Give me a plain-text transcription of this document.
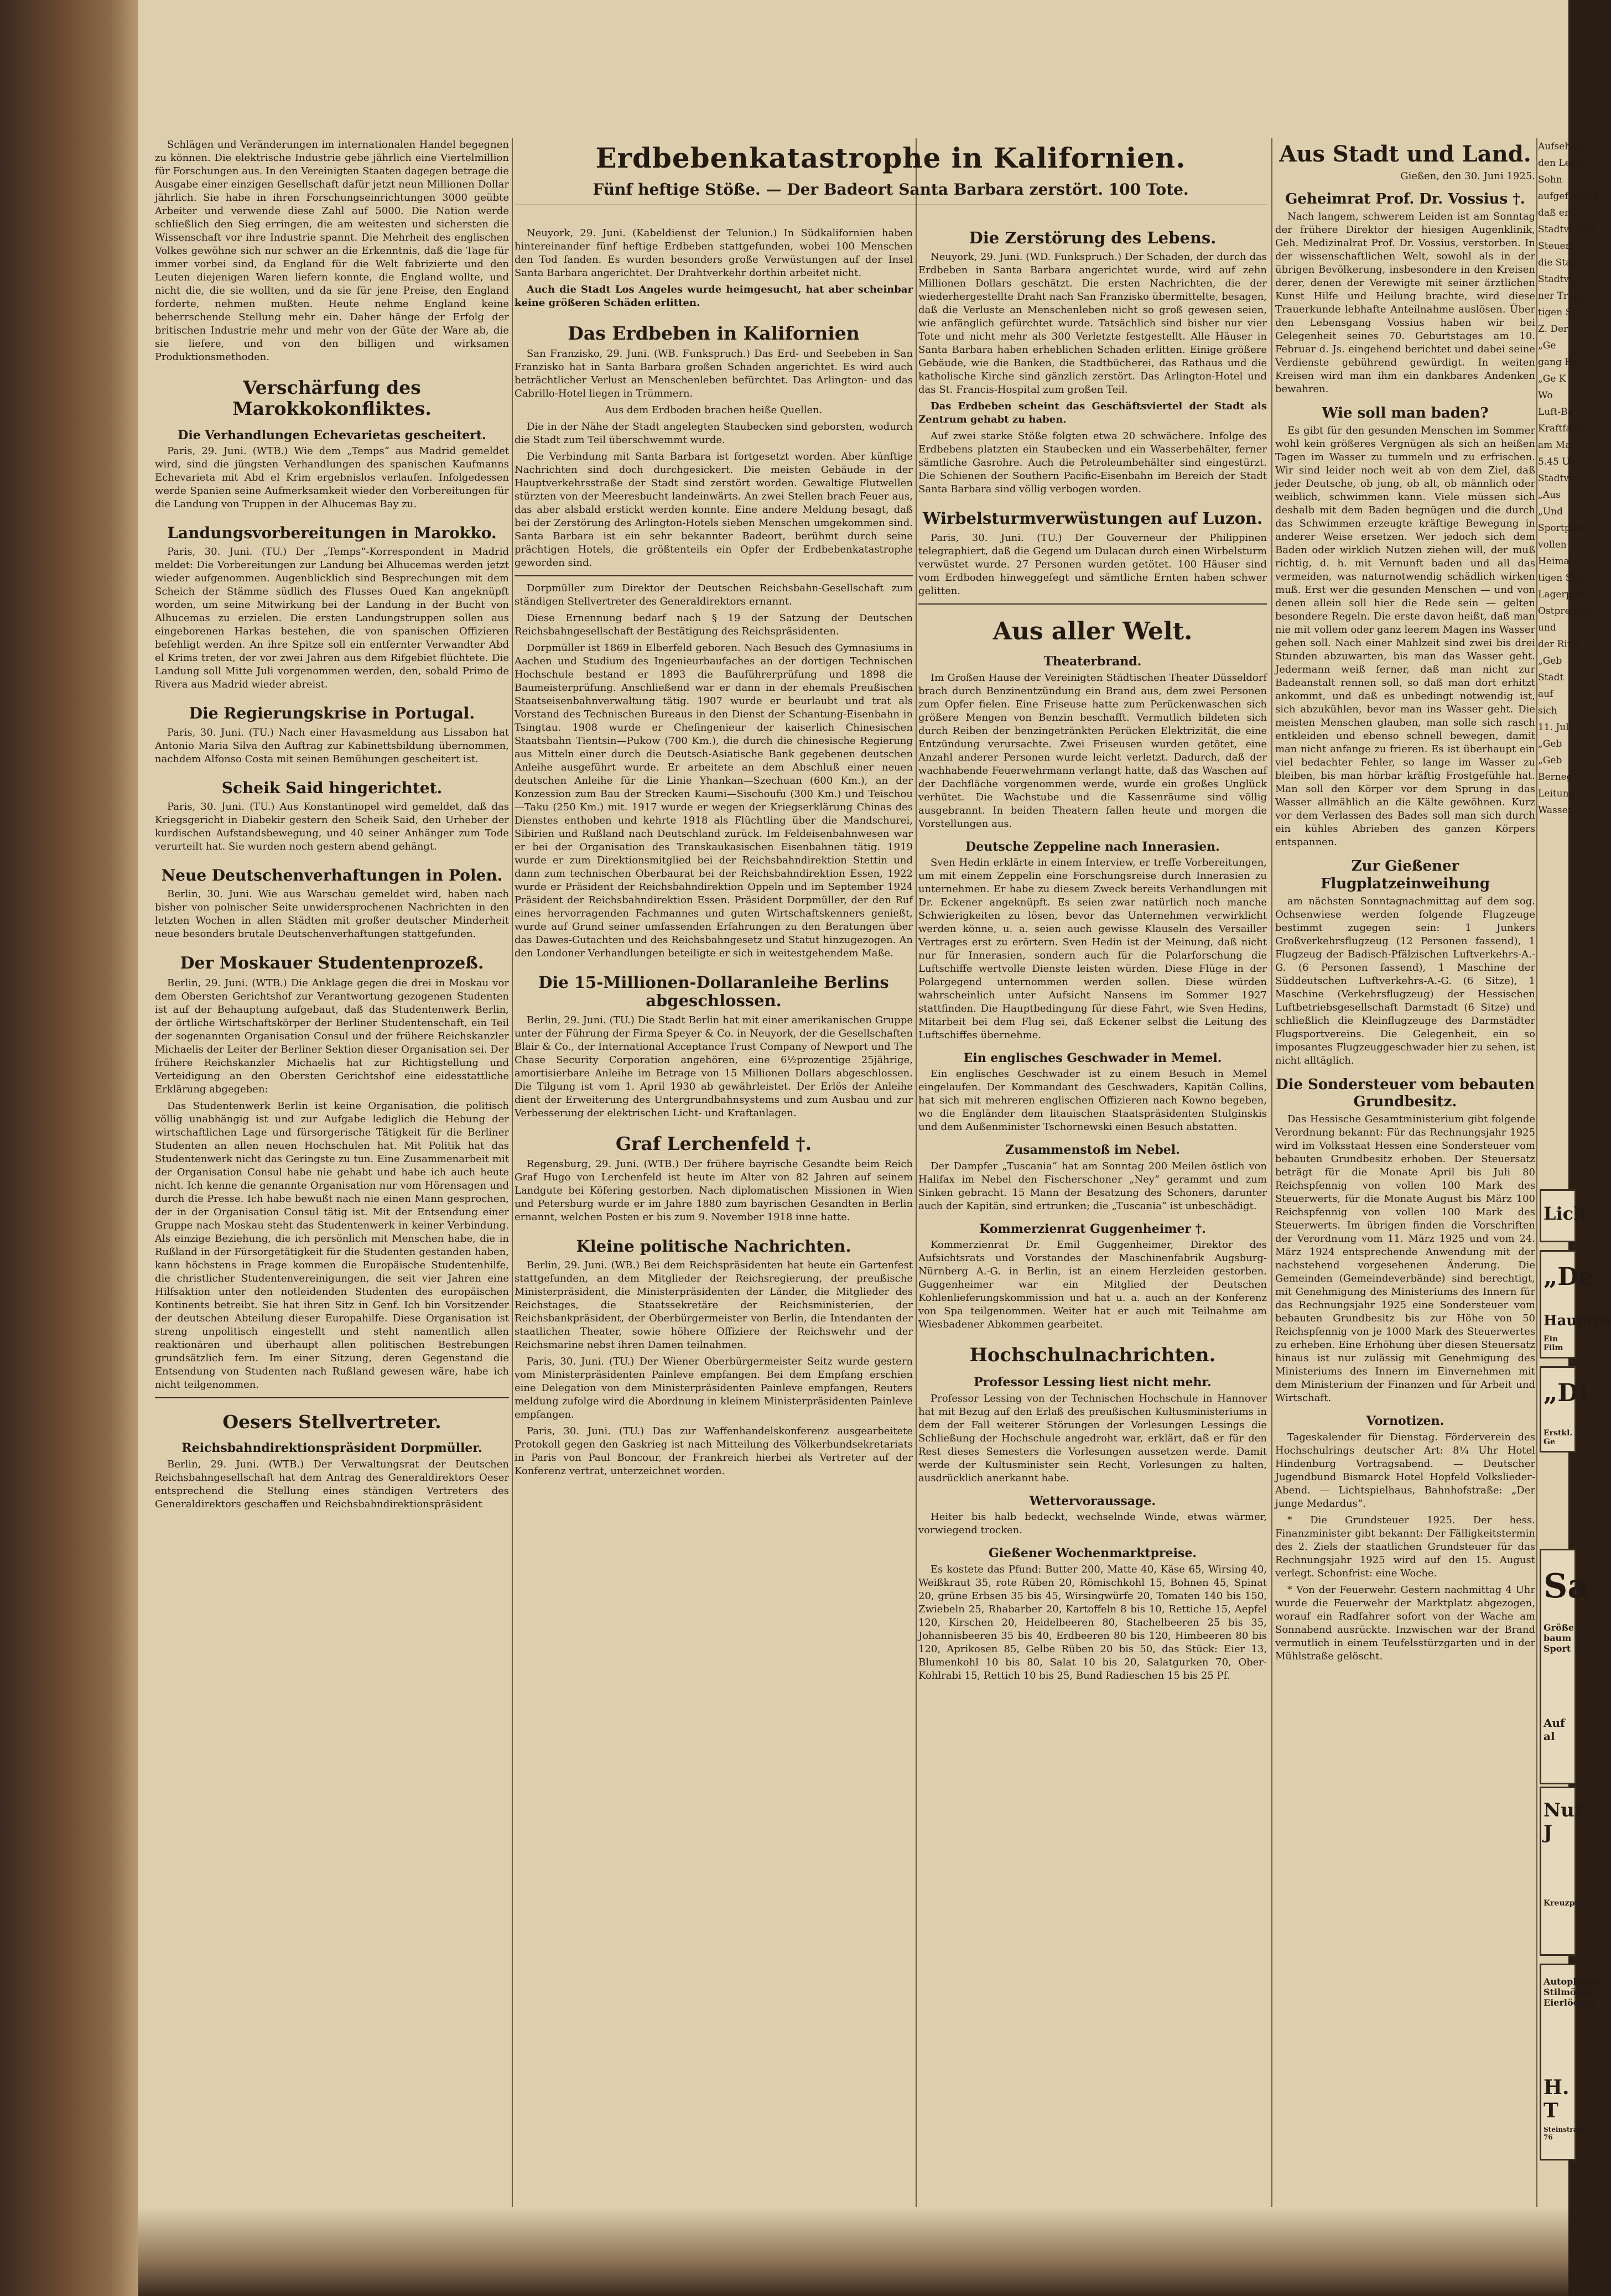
Schlägen und Veränderungen im internationalen Handel begegnen zu können. Die elektrische Industrie gebe jährlich eine Viertelmillion für Forschungen aus. In den Vereinigten Staaten dagegen betrage die Ausgabe einer einzigen Gesellschaft dafür jetzt neun Millionen Dollar jährlich. Sie habe in ihren Forschungseinrichtungen 3000 geübte Arbeiter und verwende diese Zahl auf 5000. Die Nation werde schließlich den Sieg erringen, die am weitesten und sichersten die Wissenschaft vor ihre Industrie spannt. Die Mehrheit des englischen Volkes gewöhne sich nur schwer an die Erkenntnis, daß die Tage für immer vorbei sind, da England für die Welt fabrizierte und den Leuten diejenigen Waren liefern konnte, die England wollte, und nicht die, die sie wollten, und da sie für jene Preise, den England forderte, nehmen mußten. Heute nehme England keine beherrschende Stellung mehr ein. Daher hänge der Erfolg der britischen Industrie mehr und mehr von der Güte der Ware ab, die sie liefere, und von den billigen und wirksamen Produktionsmethoden.

Verschärfung des Marokkokonfliktes.
Die Verhandlungen Echevarietas gescheitert.

Paris, 29. Juni. (WTB.) Wie dem „Temps“ aus Madrid gemeldet wird, sind die jüngsten Verhandlungen des spanischen Kaufmanns Echevarieta mit Abd el Krim ergebnislos verlaufen. Infolgedessen werde Spanien seine Aufmerksamkeit wieder den Vorbereitungen für die Landung von Truppen in der Alhucemas Bay zu.

Landungsvorbereitungen in Marokko.

Paris, 30. Juni. (TU.) Der „Temps“-Korrespondent in Madrid meldet: Die Vorbereitungen zur Landung bei Alhucemas werden jetzt wieder aufgenommen. Augenblicklich sind Besprechungen mit dem Scheich der Stämme südlich des Flusses Oued Kan angeknüpft worden, um seine Mitwirkung bei der Landung in der Bucht von Alhucemas zu erzielen. Die ersten Landungstruppen sollen aus eingeborenen Harkas bestehen, die von spanischen Offizieren befehligt werden. An ihre Spitze soll ein entfernter Verwandter Abd el Krims treten, der vor zwei Jahren aus dem Rifgebiet flüchtete. Die Landung soll Mitte Juli vorgenommen werden, den, sobald Primo de Rivera aus Madrid wieder abreist.

Die Regierungskrise in Portugal.

Paris, 30. Juni. (TU.) Nach einer Havasmeldung aus Lissabon hat Antonio Maria Silva den Auftrag zur Kabinettsbildung übernommen, nachdem Alfonso Costa mit seinen Bemühungen gescheitert ist.

Scheik Said hingerichtet.

Paris, 30. Juni. (TU.) Aus Konstantinopel wird gemeldet, daß das Kriegsgericht in Diabekir gestern den Scheik Said, den Urheber der kurdischen Aufstandsbewegung, und 40 seiner Anhänger zum Tode verurteilt hat. Sie wurden noch gestern abend gehängt.

Neue Deutschenverhaftungen in Polen.

Berlin, 30. Juni. Wie aus Warschau gemeldet wird, haben nach bisher von polnischer Seite unwidersprochenen Nachrichten in den letzten Wochen in allen Städten mit großer deutscher Minderheit neue besonders brutale Deutschenverhaftungen stattgefunden.

Der Moskauer Studentenprozeß.

Berlin, 29. Juni. (WTB.) Die Anklage gegen die drei in Moskau vor dem Obersten Gerichtshof zur Verantwortung gezogenen Studenten ist auf der Behauptung aufgebaut, daß das Studentenwerk Berlin, der örtliche Wirtschaftskörper der Berliner Studentenschaft, ein Teil der sogenannten Organisation Consul und der frühere Reichskanzler Michaelis der Leiter der Berliner Sektion dieser Organisation sei. Der frühere Reichskanzler Michaelis hat zur Richtigstellung und Verteidigung an den Obersten Gerichtshof eine eidesstattliche Erklärung abgegeben:

Das Studentenwerk Berlin ist keine Organisation, die politisch völlig unabhängig ist und zur Aufgabe lediglich die Hebung der wirtschaftlichen Lage und fürsorgerische Tätigkeit für die Berliner Studenten an allen neuen Hochschulen hat. Mit Politik hat das Studentenwerk nicht das Geringste zu tun. Eine Zusammenarbeit mit der Organisation Consul habe nie gehabt und habe ich auch heute nicht. Ich kenne die genannte Organisation nur vom Hörensagen und durch die Presse. Ich habe bewußt nach nie einen Mann gesprochen, der in der Organisation Consul tätig ist. Mit der Entsendung einer Gruppe nach Moskau steht das Studentenwerk in keiner Verbindung. Als einzige Beziehung, die ich persönlich mit Menschen habe, die in Rußland in der Fürsorgetätigkeit für die Studenten gestanden haben, kann höchstens in Frage kommen die Europäische Studentenhilfe, die christlicher Studentenvereinigungen, die seit vier Jahren eine Hilfsaktion unter den notleidenden Studenten des europäischen Kontinents betreibt. Sie hat ihren Sitz in Genf. Ich bin Vorsitzender der deutschen Abteilung dieser Europahilfe. Diese Organisation ist streng unpolitisch eingestellt und steht namentlich allen reaktionären und überhaupt allen politischen Bestrebungen grundsätzlich fern. Im einer Sitzung, deren Gegenstand die Entsendung von Studenten nach Rußland gewesen wäre, habe ich nicht teilgenommen.

Oesers Stellvertreter.
Reichsbahndirektionspräsident Dorpmüller.

Berlin, 29. Juni. (WTB.) Der Verwaltungsrat der Deutschen Reichsbahngesellschaft hat dem Antrag des Generaldirektors Oeser entsprechend die Stellung eines ständigen Vertreters des Generaldirektors geschaffen und Reichsbahndirektionspräsident

Erdbebenkatastrophe in Kalifornien.
Fünf heftige Stöße. — Der Badeort Santa Barbara zerstört. 100 Tote.

Neuyork, 29. Juni. (Kabeldienst der Telunion.) In Südkalifornien haben hintereinander fünf heftige Erdbeben stattgefunden, wobei 100 Menschen den Tod fanden. Es wurden besonders große Verwüstungen auf der Insel Santa Barbara angerichtet. Der Drahtverkehr dorthin arbeitet nicht.

Auch die Stadt Los Angeles wurde heimgesucht, hat aber scheinbar keine größeren Schäden erlitten.

Das Erdbeben in Kalifornien

San Franzisko, 29. Juni. (WB. Funkspruch.) Das Erd- und Seebeben in San Franzisko hat in Santa Barbara großen Schaden angerichtet. Es wird auch beträchtlicher Verlust an Menschenleben befürchtet. Das Arlington- und das Cabrillo-Hotel liegen in Trümmern.

Aus dem Erdboden brachen heiße Quellen.

Die in der Nähe der Stadt angelegten Staubecken sind geborsten, wodurch die Stadt zum Teil überschwemmt wurde.

Die Verbindung mit Santa Barbara ist fortgesetzt worden. Aber künftige Nachrichten sind doch durchgesickert. Die meisten Gebäude in der Hauptverkehrsstraße der Stadt sind zerstört worden. Gewaltige Flutwellen stürzten von der Meeresbucht landeinwärts. An zwei Stellen brach Feuer aus, das aber alsbald erstickt werden konnte. Eine andere Meldung besagt, daß bei der Zerstörung des Arlington-Hotels sieben Menschen umgekommen sind. Santa Barbara ist ein sehr bekannter Badeort, berühmt durch seine prächtigen Hotels, die größtenteils ein Opfer der Erdbebenkatastrophe geworden sind.

Dorpmüller zum Direktor der Deutschen Reichsbahn-Gesellschaft zum ständigen Stellvertreter des Generaldirektors ernannt.

Diese Ernennung bedarf nach § 19 der Satzung der Deutschen Reichsbahngesellschaft der Bestätigung des Reichspräsidenten.

Dorpmüller ist 1869 in Elberfeld geboren. Nach Besuch des Gymnasiums in Aachen und Studium des Ingenieurbaufaches an der dortigen Technischen Hochschule bestand er 1893 die Bauführerprüfung und 1898 die Baumeisterprüfung. Anschließend war er dann in der ehemals Preußischen Staatseisenbahnverwaltung tätig. 1907 wurde er beurlaubt und trat als Vorstand des Technischen Bureaus in den Dienst der Schantung-Eisenbahn in Tsingtau. 1908 wurde er Chefingenieur der kaiserlich Chinesischen Staatsbahn Tientsin—Pukow (700 Km.), die durch die chinesische Regierung aus Mitteln einer durch die Deutsch-Asiatische Bank gegebenen deutschen Anleihe ausgeführt wurde. Er arbeitete an dem Abschluß einer neuen deutschen Anleihe für die Linie Yhankan—Szechuan (600 Km.), an der Konzession zum Bau der Strecken Kaumi—Sischoufu (300 Km.) und Teischou—Taku (250 Km.) mit. 1917 wurde er wegen der Kriegserklärung Chinas des Dienstes enthoben und kehrte 1918 als Flüchtling über die Mandschurei, Sibirien und Rußland nach Deutschland zurück. Im Feldeisenbahnwesen war er bei der Organisation des Transkaukasischen Eisenbahnen tätig. 1919 wurde er zum Direktionsmitglied bei der Reichsbahndirektion Stettin und dann zum technischen Oberbaurat bei der Reichsbahndirektion Essen, 1922 wurde er Präsident der Reichsbahndirektion Oppeln und im September 1924 Präsident der Reichsbahndirektion Essen. Präsident Dorpmüller, der den Ruf eines hervorragenden Fachmannes und guten Wirtschaftskenners genießt, wurde auf Grund seiner umfassenden Erfahrungen zu den Beratungen über das Dawes-Gutachten und des Reichsbahngesetz und Statut hinzugezogen. An den Londoner Verhandlungen beteiligte er sich in weitestgehendem Maße.

Die 15-Millionen-Dollaranleihe Berlins abgeschlossen.

Berlin, 29. Juni. (TU.) Die Stadt Berlin hat mit einer amerikanischen Gruppe unter der Führung der Firma Speyer & Co. in Neuyork, der die Gesellschaften Blair & Co., der International Acceptance Trust Company of Newport und The Chase Security Corporation angehören, eine 6½prozentige 25jährige, amortisierbare Anleihe im Betrage von 15 Millionen Dollars abgeschlossen. Die Tilgung ist vom 1. April 1930 ab gewährleistet. Der Erlös der Anleihe dient der Erweiterung des Untergrundbahnsystems und zum Ausbau und zur Verbesserung der elektrischen Licht- und Kraftanlagen.

Graf Lerchenfeld †.

Regensburg, 29. Juni. (WTB.) Der frühere bayrische Gesandte beim Reich Graf Hugo von Lerchenfeld ist heute im Alter von 82 Jahren auf seinem Landgute bei Köfering gestorben. Nach diplomatischen Missionen in Wien und Petersburg wurde er im Jahre 1880 zum bayrischen Gesandten in Berlin ernannt, welchen Posten er bis zum 9. November 1918 inne hatte.

Kleine politische Nachrichten.

Berlin, 29. Juni. (WB.) Bei dem Reichspräsidenten hat heute ein Gartenfest stattgefunden, an dem Mitglieder der Reichsregierung, der preußische Ministerpräsident, die Ministerpräsidenten der Länder, die Mitglieder des Reichstages, die Staatssekretäre der Reichsministerien, der Reichsbankpräsident, der Oberbürgermeister von Berlin, die Intendanten der staatlichen Theater, sowie höhere Offiziere der Reichswehr und der Reichsmarine nebst ihren Damen teilnahmen.

Paris, 30. Juni. (TU.) Der Wiener Oberbürgermeister Seitz wurde gestern vom Ministerpräsidenten Painleve empfangen. Bei dem Empfang erschien eine Delegation von dem Ministerpräsidenten Painleve empfangen, Reuters meldung zufolge wird die Abordnung in kleinem Ministerpräsidenten Painleve empfangen.

Paris, 30. Juni. (TU.) Das zur Waffenhandelskonferenz ausgearbeitete Protokoll gegen den Gaskrieg ist nach Mitteilung des Völkerbundsekretariats in Paris von Paul Boncour, der Frankreich hierbei als Vertreter auf der Konferenz vertrat, unterzeichnet worden.

Die Zerstörung des Lebens.

Neuyork, 29. Juni. (WD. Funkspruch.) Der Schaden, der durch das Erdbeben in Santa Barbara angerichtet wurde, wird auf zehn Millionen Dollars geschätzt. Die ersten Nachrichten, die der wiederhergestellte Draht nach San Franzisko übermittelte, besagen, daß die Verluste an Menschenleben nicht so groß gewesen seien, wie anfänglich gefürchtet wurde. Tatsächlich sind bisher nur vier Tote und nicht mehr als 300 Verletzte festgestellt. Alle Häuser in Santa Barbara haben erheblichen Schaden erlitten. Einige größere Gebäude, wie die Banken, die Stadtbücherei, das Rathaus und die katholische Kirche sind gänzlich zerstört. Das Arlington-Hotel und das St. Francis-Hospital zum großen Teil.

Das Erdbeben scheint das Geschäftsviertel der Stadt als Zentrum gehabt zu haben.

Auf zwei starke Stöße folgten etwa 20 schwächere. Infolge des Erdbebens platzten ein Staubecken und ein Wasserbehälter, ferner sämtliche Gasrohre. Auch die Petroleumbehälter sind eingestürzt. Die Schienen der Southern Pacific-Eisenbahn im Bereich der Stadt Santa Barbara sind völlig verbogen worden.

Wirbelsturmverwüstungen auf Luzon.

Paris, 30. Juni. (TU.) Der Gouverneur der Philippinen telegraphiert, daß die Gegend um Dulacan durch einen Wirbelsturm verwüstet wurde. 27 Personen wurden getötet. 100 Häuser sind vom Erdboden hinweggefegt und sämtliche Ernten haben schwer gelitten.

Aus aller Welt.
Theaterbrand.

Im Großen Hause der Vereinigten Städtischen Theater Düsseldorf brach durch Benzinentzündung ein Brand aus, dem zwei Personen zum Opfer fielen. Eine Friseuse hatte zum Perückenwaschen sich größere Mengen von Benzin beschafft. Vermutlich bildeten sich durch Reiben der benzingetränkten Perücken Elektrizität, die eine Entzündung verursachte. Zwei Friseusen wurden getötet, eine Anzahl anderer Personen wurde leicht verletzt. Dadurch, daß der wachhabende Feuerwehrmann verlangt hatte, daß das Waschen auf der Dachfläche vorgenommen werde, wurde ein großes Unglück verhütet. Die Wachstube und die Kassenräume sind völlig ausgebrannt. In beiden Theatern fallen heute und morgen die Vorstellungen aus.

Deutsche Zeppeline nach Innerasien.

Sven Hedin erklärte in einem Interview, er treffe Vorbereitungen, um mit einem Zeppelin eine Forschungsreise durch Innerasien zu unternehmen. Er habe zu diesem Zweck bereits Verhandlungen mit Dr. Eckener angeknüpft. Es seien zwar natürlich noch manche Schwierigkeiten zu lösen, bevor das Unternehmen verwirklicht werden könne, u. a. seien auch gewisse Klauseln des Versailler Vertrages erst zu erörtern. Sven Hedin ist der Meinung, daß nicht nur für Innerasien, sondern auch für die Polarforschung die Luftschiffe wertvolle Dienste leisten würden. Diese Flüge in der Polargegend unternommen werden sollen. Diese würden wahrscheinlich unter Aufsicht Nansens im Sommer 1927 stattfinden. Die Hauptbedingung für diese Fahrt, wie Sven Hedins, Mitarbeit bei dem Flug sei, daß Eckener selbst die Leitung des Luftschiffes übernehme.

Ein englisches Geschwader in Memel.

Ein englisches Geschwader ist zu einem Besuch in Memel eingelaufen. Der Kommandant des Geschwaders, Kapitän Collins, hat sich mit mehreren englischen Offizieren nach Kowno begeben, wo die Engländer dem litauischen Staatspräsidenten Stulginskis und dem Außenminister Tschornewski einen Besuch abstatten.

Zusammenstoß im Nebel.

Der Dampfer „Tuscania“ hat am Sonntag 200 Meilen östlich von Halifax im Nebel den Fischerschoner „Ney“ gerammt und zum Sinken gebracht. 15 Mann der Besatzung des Schoners, darunter auch der Kapitän, sind ertrunken; die „Tuscania“ ist unbeschädigt.

Kommerzienrat Guggenheimer †.

Kommerzienrat Dr. Emil Guggenheimer, Direktor des Aufsichtsrats und Vorstandes der Maschinenfabrik Augsburg-Nürnberg A.-G. in Berlin, ist an einem Herzleiden gestorben. Guggenheimer war ein Mitglied der Deutschen Kohlenlieferungskommission und hat u. a. auch an der Konferenz von Spa teilgenommen. Weiter hat er auch mit Teilnahme am Wiesbadener Abkommen gearbeitet.

Hochschulnachrichten.
Professor Lessing liest nicht mehr.

Professor Lessing von der Technischen Hochschule in Hannover hat mit Bezug auf den Erlaß des preußischen Kultusministeriums in dem der Fall weiterer Störungen der Vorlesungen Lessings die Schließung der Hochschule angedroht war, erklärt, daß er für den Rest dieses Semesters die Vorlesungen aussetzen werde. Damit werde der Kultusminister sein Recht, Vorlesungen zu halten, ausdrücklich anerkannt habe.

Wettervoraussage.

Heiter bis halb bedeckt, wechselnde Winde, etwas wärmer, vorwiegend trocken.

Gießener Wochenmarktpreise.

Es kostete das Pfund: Butter 200, Matte 40, Käse 65, Wirsing 40, Weißkraut 35, rote Rüben 20, Römischkohl 15, Bohnen 45, Spinat 20, grüne Erbsen 35 bis 45, Wirsingwürfe 20, Tomaten 140 bis 150, Zwiebeln 25, Rhabarber 20, Kartoffeln 8 bis 10, Rettiche 15, Aepfel 120, Kirschen 20, Heidelbeeren 80, Stachelbeeren 25 bis 35, Johannisbeeren 35 bis 40, Erdbeeren 80 bis 120, Himbeeren 80 bis 120, Aprikosen 85, Gelbe Rüben 20 bis 50, das Stück: Eier 13, Blumenkohl 10 bis 80, Salat 10 bis 20, Salatgurken 70, Ober-Kohlrabi 15, Rettich 10 bis 25, Bund Radieschen 15 bis 25 Pf.

Aus Stadt und Land.
Gießen, den 30. Juni 1925.
Geheimrat Prof. Dr. Vossius †.

Nach langem, schwerem Leiden ist am Sonntag der frühere Direktor der hiesigen Augenklinik, Geh. Medizinalrat Prof. Dr. Vossius, verstorben. In der wissenschaftlichen Welt, sowohl als in der übrigen Bevölkerung, insbesondere in den Kreisen derer, denen der Verewigte mit seiner ärztlichen Kunst Hilfe und Heilung brachte, wird diese Trauerkunde lebhafte Anteilnahme auslösen. Über den Lebensgang Vossius haben wir bei Gelegenheit seines 70. Geburtstages am 10. Februar d. Js. eingehend berichtet und dabei seine Verdienste gebührend gewürdigt. In weiten Kreisen wird man ihm ein dankbares Andenken bewahren.

Wie soll man baden?

Es gibt für den gesunden Menschen im Sommer wohl kein größeres Vergnügen als sich an heißen Tagen im Wasser zu tummeln und zu erfrischen. Wir sind leider noch weit ab von dem Ziel, daß jeder Deutsche, ob jung, ob alt, ob männlich oder weiblich, schwimmen kann. Viele müssen sich deshalb mit dem Baden begnügen und die durch das Schwimmen erzeugte kräftige Bewegung in anderer Weise ersetzen. Wer jedoch sich dem Baden oder wirklich Nutzen ziehen will, der muß richtig, d. h. mit Vernunft baden und all das vermeiden, was naturnotwendig schädlich wirken muß. Erst wer die gesunden Menschen — und von denen allein soll hier die Rede sein — gelten besondere Regeln. Die erste davon heißt, daß man nie mit vollem oder ganz leerem Magen ins Wasser gehen soll. Nach einer Mahlzeit sind zwei bis drei Stunden abzuwarten, bis man das Wasser geht. Jedermann weiß ferner, daß man nicht zur Badeanstalt rennen soll, so daß man dort erhitzt ankommt, und daß es unbedingt notwendig ist, sich abzukühlen, bevor man ins Wasser geht. Die meisten Menschen glauben, man solle sich rasch entkleiden und ebenso schnell bewegen, damit man nicht anfange zu frieren. Es ist überhaupt ein viel bedachter Fehler, so lange im Wasser zu bleiben, bis man hörbar kräftig Frostgefühle hat. Man soll den Körper vor dem Sprung in das Wasser allmählich an die Kälte gewöhnen. Kurz vor dem Verlassen des Bades soll man sich durch ein kühles Abrieben des ganzen Körpers entspannen.

Zur Gießener Flugplatzeinweihung

am nächsten Sonntagnachmittag auf dem sog. Ochsenwiese werden folgende Flugzeuge bestimmt zugegen sein: 1 Junkers Großverkehrsflugzeug (12 Personen fassend), 1 Flugzeug der Badisch-Pfälzischen Luftverkehrs-A.-G. (6 Personen fassend), 1 Maschine der Süddeutschen Luftverkehrs-A.-G. (6 Sitze), 1 Maschine (Verkehrsflugzeug) der Hessischen Luftbetriebsgesellschaft Darmstadt (6 Sitze) und schließlich die Kleinflugzeuge des Darmstädter Flugsportvereins. Die Gelegenheit, ein so imposantes Flugzeuggeschwader hier zu sehen, ist nicht alltäglich.

Die Sondersteuer vom bebauten Grundbesitz.

Das Hessische Gesamtministerium gibt folgende Verordnung bekannt: Für das Rechnungsjahr 1925 wird im Volksstaat Hessen eine Sondersteuer vom bebauten Grundbesitz erhoben. Der Steuersatz beträgt für die Monate April bis Juli 80 Reichspfennig von vollen 100 Mark des Steuerwerts, für die Monate August bis März 100 Reichspfennig von vollen 100 Mark des Steuerwerts. Im übrigen finden die Vorschriften der Verordnung vom 11. März 1925 und vom 24. März 1924 entsprechende Anwendung mit der nachstehend vorgesehenen Änderung. Die Gemeinden (Gemeindeverbände) sind berechtigt, mit Genehmigung des Ministeriums des Innern für das Rechnungsjahr 1925 eine Sondersteuer vom bebauten Grundbesitz bis zur Höhe von 50 Reichspfennig von je 1000 Mark des Steuerwertes zu erheben. Eine Erhöhung über diesen Steuersatz hinaus ist nur zulässig mit Genehmigung des Ministeriums des Innern im Einvernehmen mit dem Ministerium der Finanzen und für Arbeit und Wirtschaft.

Vornotizen.

Tageskalender für Dienstag. Förderverein des Hochschulrings deutscher Art: 8¼ Uhr Hotel Hindenburg Vortragsabend. — Deutscher Jugendbund Bismarck Hotel Hopfeld Volkslieder-Abend. — Lichtspielhaus, Bahnhofstraße: „Der junge Medardus“.

* Die Grundsteuer 1925. Der hess. Finanzminister gibt bekannt: Der Fälligkeitstermin des 2. Ziels der staatlichen Grundsteuer für das Rechnungsjahr 1925 wird auf den 15. August verlegt. Schonfrist: eine Woche.

* Von der Feuerwehr. Gestern nachmittag 4 Uhr wurde die Feuerwehr der Marktplatz abgezogen, worauf ein Radfahrer sofort von der Wache am Sonnabend ausrückte. Inzwischen war der Brand vermutlich in einem Teufelsstürzgarten und in der Mühlstraße gelöscht.

Aufsehen
den Leser
Sohn
aufgefordert
daß er
Stadtverord
Steuerre
die Stadt
Stadtver
ner Trupp
tigen Str
Z. Der
„Ge
gang Ba
„Ge K
Wo
Luft-Ba
Kraftfahr
am Mar
5.45 Uhr
Stadtver
„Aus
„Und
Sportplatz
vollen
Heimat
tigen Sitz
Lagerplatz
Ostpreußen
und
der Ring
„Geb
Stadt
auf
sich
11. Juli
„Geb
„Geb
Berneg
Leitung
Wasser
Lich
„De
Hauptro
Ein Film
„Di
Erstkl. Ge
Sa
Größe baum Sport
Auf al
Nur J
Kreuzpl
Autoplakate Stilmöbel Eierlöcher
H. T
Steinstraße 76
